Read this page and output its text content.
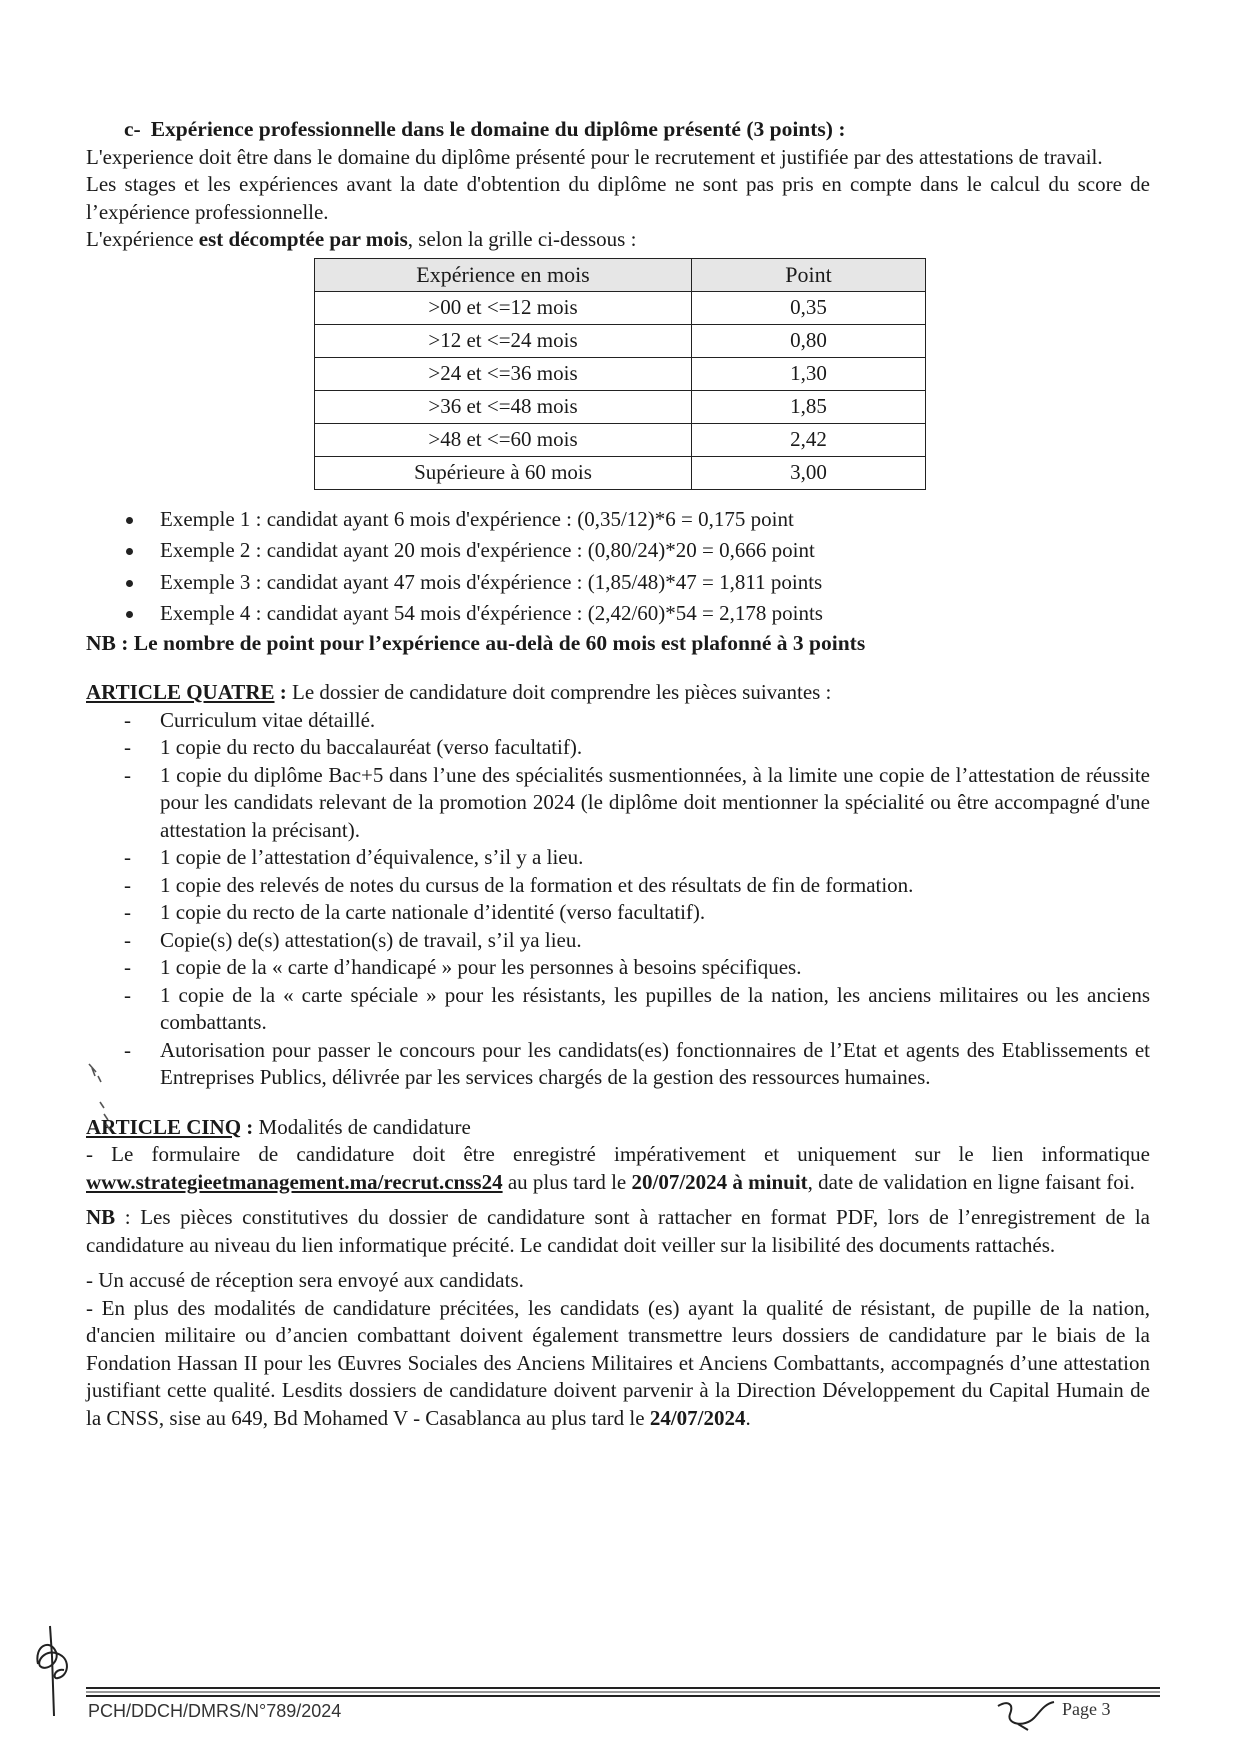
c- Expérience professionnelle dans le domaine du diplôme présenté (3 points) :

L'experience doit être dans le domaine du diplôme présenté pour le recrutement et justifiée par des attestations de travail.

Les stages et les expériences avant la date d'obtention du diplôme ne sont pas pris en compte dans le calcul du score de l’expérience professionnelle.

L'expérience est décomptée par mois, selon la grille ci-dessous :

Expérience en mois	Point
>00 et <=12 mois	0,35
>12 et <=24 mois	0,80
>24 et <=36 mois	1,30
>36 et <=48 mois	1,85
>48 et <=60 mois	2,42
Supérieure à 60 mois	3,00
Exemple 1 : candidat ayant 6 mois d'expérience : (0,35/12)*6 = 0,175 point
Exemple 2 : candidat ayant 20 mois d'expérience : (0,80/24)*20 = 0,666 point
Exemple 3 : candidat ayant 47 mois d'éxpérience : (1,85/48)*47 = 1,811 points
Exemple 4 : candidat ayant 54 mois d'éxpérience : (2,42/60)*54 = 2,178 points

NB : Le nombre de point pour l’expérience au-delà de 60 mois est plafonné à 3 points

ARTICLE QUATRE : Le dossier de candidature doit comprendre les pièces suivantes :

- Curriculum vitae détaillé.
- 1 copie du recto du baccalauréat (verso facultatif).
- 1 copie du diplôme Bac+5 dans l’une des spécialités susmentionnées, à la limite une copie de l’attestation de réussite pour les candidats relevant de la promotion 2024 (le diplôme doit mentionner la spécialité ou être accompagné d'une attestation la précisant).
- 1 copie de l’attestation d’équivalence, s’il y a lieu.
- 1 copie des relevés de notes du cursus de la formation et des résultats de fin de formation.
- 1 copie du recto de la carte nationale d’identité (verso facultatif).
- Copie(s) de(s) attestation(s) de travail, s’il ya lieu.
- 1 copie de la « carte d’handicapé » pour les personnes à besoins spécifiques.
- 1 copie de la « carte spéciale » pour les résistants, les pupilles de la nation, les anciens militaires ou les anciens combattants.
- Autorisation pour passer le concours pour les candidats(es) fonctionnaires de l’Etat et agents des Etablissements et Entreprises Publics, délivrée par les services chargés de la gestion des ressources humaines.

ARTICLE CINQ : Modalités de candidature

- Le formulaire de candidature doit être enregistré impérativement et uniquement sur le lien informatique www.strategieetmanagement.ma/recrut.cnss24 au plus tard le 20/07/2024 à minuit, date de validation en ligne faisant foi.

NB : Les pièces constitutives du dossier de candidature sont à rattacher en format PDF, lors de l’enregistrement de la candidature au niveau du lien informatique précité. Le candidat doit veiller sur la lisibilité des documents rattachés.

- Un accusé de réception sera envoyé aux candidats.

- En plus des modalités de candidature précitées, les candidats (es) ayant la qualité de résistant, de pupille de la nation, d'ancien militaire ou d’ancien combattant doivent également transmettre leurs dossiers de candidature par le biais de la Fondation Hassan II pour les Œuvres Sociales des Anciens Militaires et Anciens Combattants, accompagnés d’une attestation justifiant cette qualité. Lesdits dossiers de candidature doivent parvenir à la Direction Développement du Capital Humain de la CNSS, sise au 649, Bd Mohamed V - Casablanca au plus tard le 24/07/2024.

PCH/DDCH/DMRS/N°789/2024	Page 3
